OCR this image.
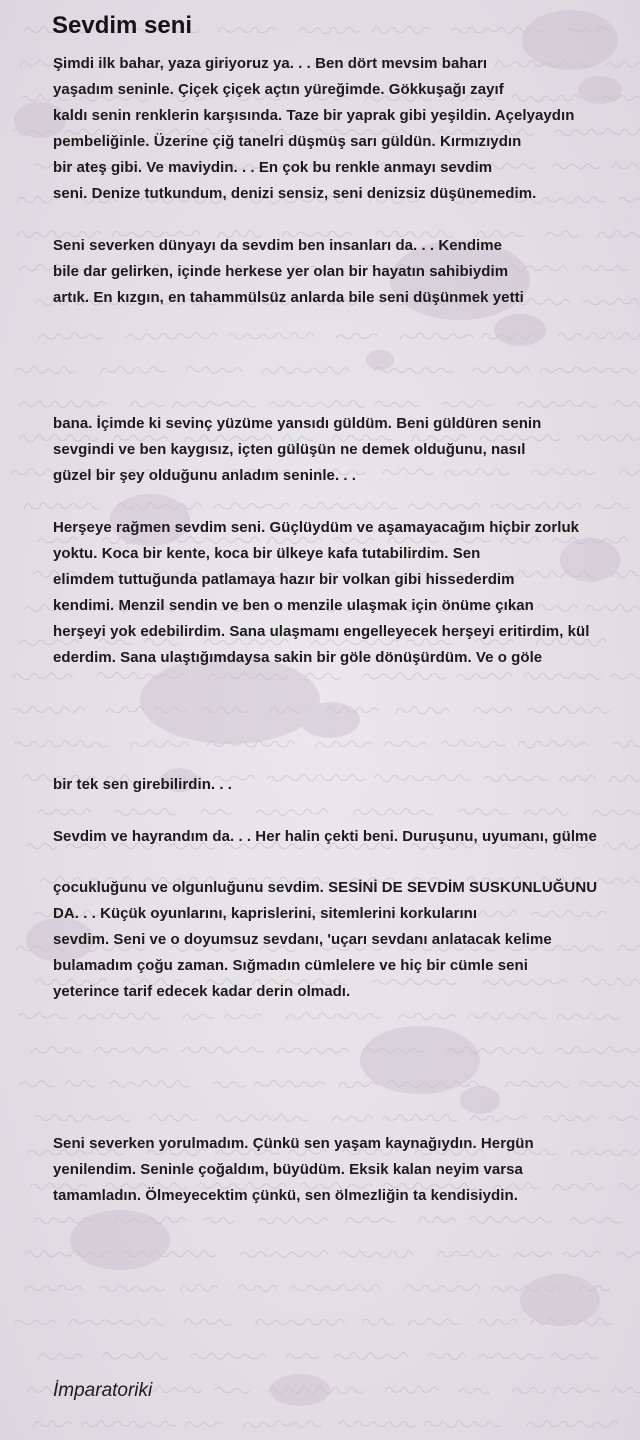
Sevdim seni
Şimdi ilk bahar, yaza giriyoruz ya. . . Ben dört mevsim baharı
yaşadım seninle. Çiçek çiçek açtın yüreğimde. Gökkuşağı zayıf
kaldı senin renklerin karşısında. Taze bir yaprak gibi yeşildin. Açelyaydın
pembeliğinle. Üzerine çiğ tanelri düşmüş sarı güldün. Kırmızıydın
bir ateş gibi. Ve maviydin. . . En çok bu renkle anmayı sevdim
seni. Denize tutkundum, denizi sensiz, seni denizsiz düşünemedim.
Seni severken dünyayı da sevdim ben insanları da. . . Kendime
bile dar gelirken, içinde herkese yer olan bir hayatın sahibiydim
artık. En kızgın, en tahammülsüz anlarda bile seni düşünmek yetti
bana. İçimde ki sevinç yüzüme yansıdı güldüm. Beni güldüren senin
sevgindi ve ben kaygısız, içten gülüşün ne demek olduğunu, nasıl
güzel bir şey olduğunu anladım seninle. . .
Herşeye rağmen sevdim seni. Güçlüydüm ve aşamayacağım hiçbir zorluk
yoktu. Koca bir kente, koca bir ülkeye kafa tutabilirdim. Sen
elimdem tuttuğunda patlamaya hazır bir volkan gibi hissederdim
kendimi. Menzil sendin ve ben o menzile ulaşmak için önüme çıkan
herşeyi yok edebilirdim. Sana ulaşmamı engelleyecek herşeyi eritirdim, kül
ederdim. Sana ulaştığımdaysa sakin bir göle dönüşürdüm. Ve o göle
bir tek sen girebilirdin. . .
Sevdim ve hayrandım da. . . Her halin çekti beni. Duruşunu, uyumanı, gülme
çocukluğunu ve olgunluğunu sevdim. SESİNİ DE SEVDİM SUSKUNLUĞUNU
DA. . . Küçük oyunlarını, kaprislerini, sitemlerini korkularını
sevdim. Seni ve o doyumsuz sevdanı, 'uçarı sevdanı anlatacak kelime
bulamadım çoğu zaman. Sığmadın cümlelere ve hiç bir cümle seni
yeterince tarif edecek kadar derin olmadı.
Seni severken yorulmadım. Çünkü sen yaşam kaynağıydın. Hergün
yenilendim. Seninle çoğaldım, büyüdüm. Eksik kalan neyim varsa
tamamladın. Ölmeyecektim çünkü, sen ölmezliğin ta kendisiydin.

İmparatoriki
